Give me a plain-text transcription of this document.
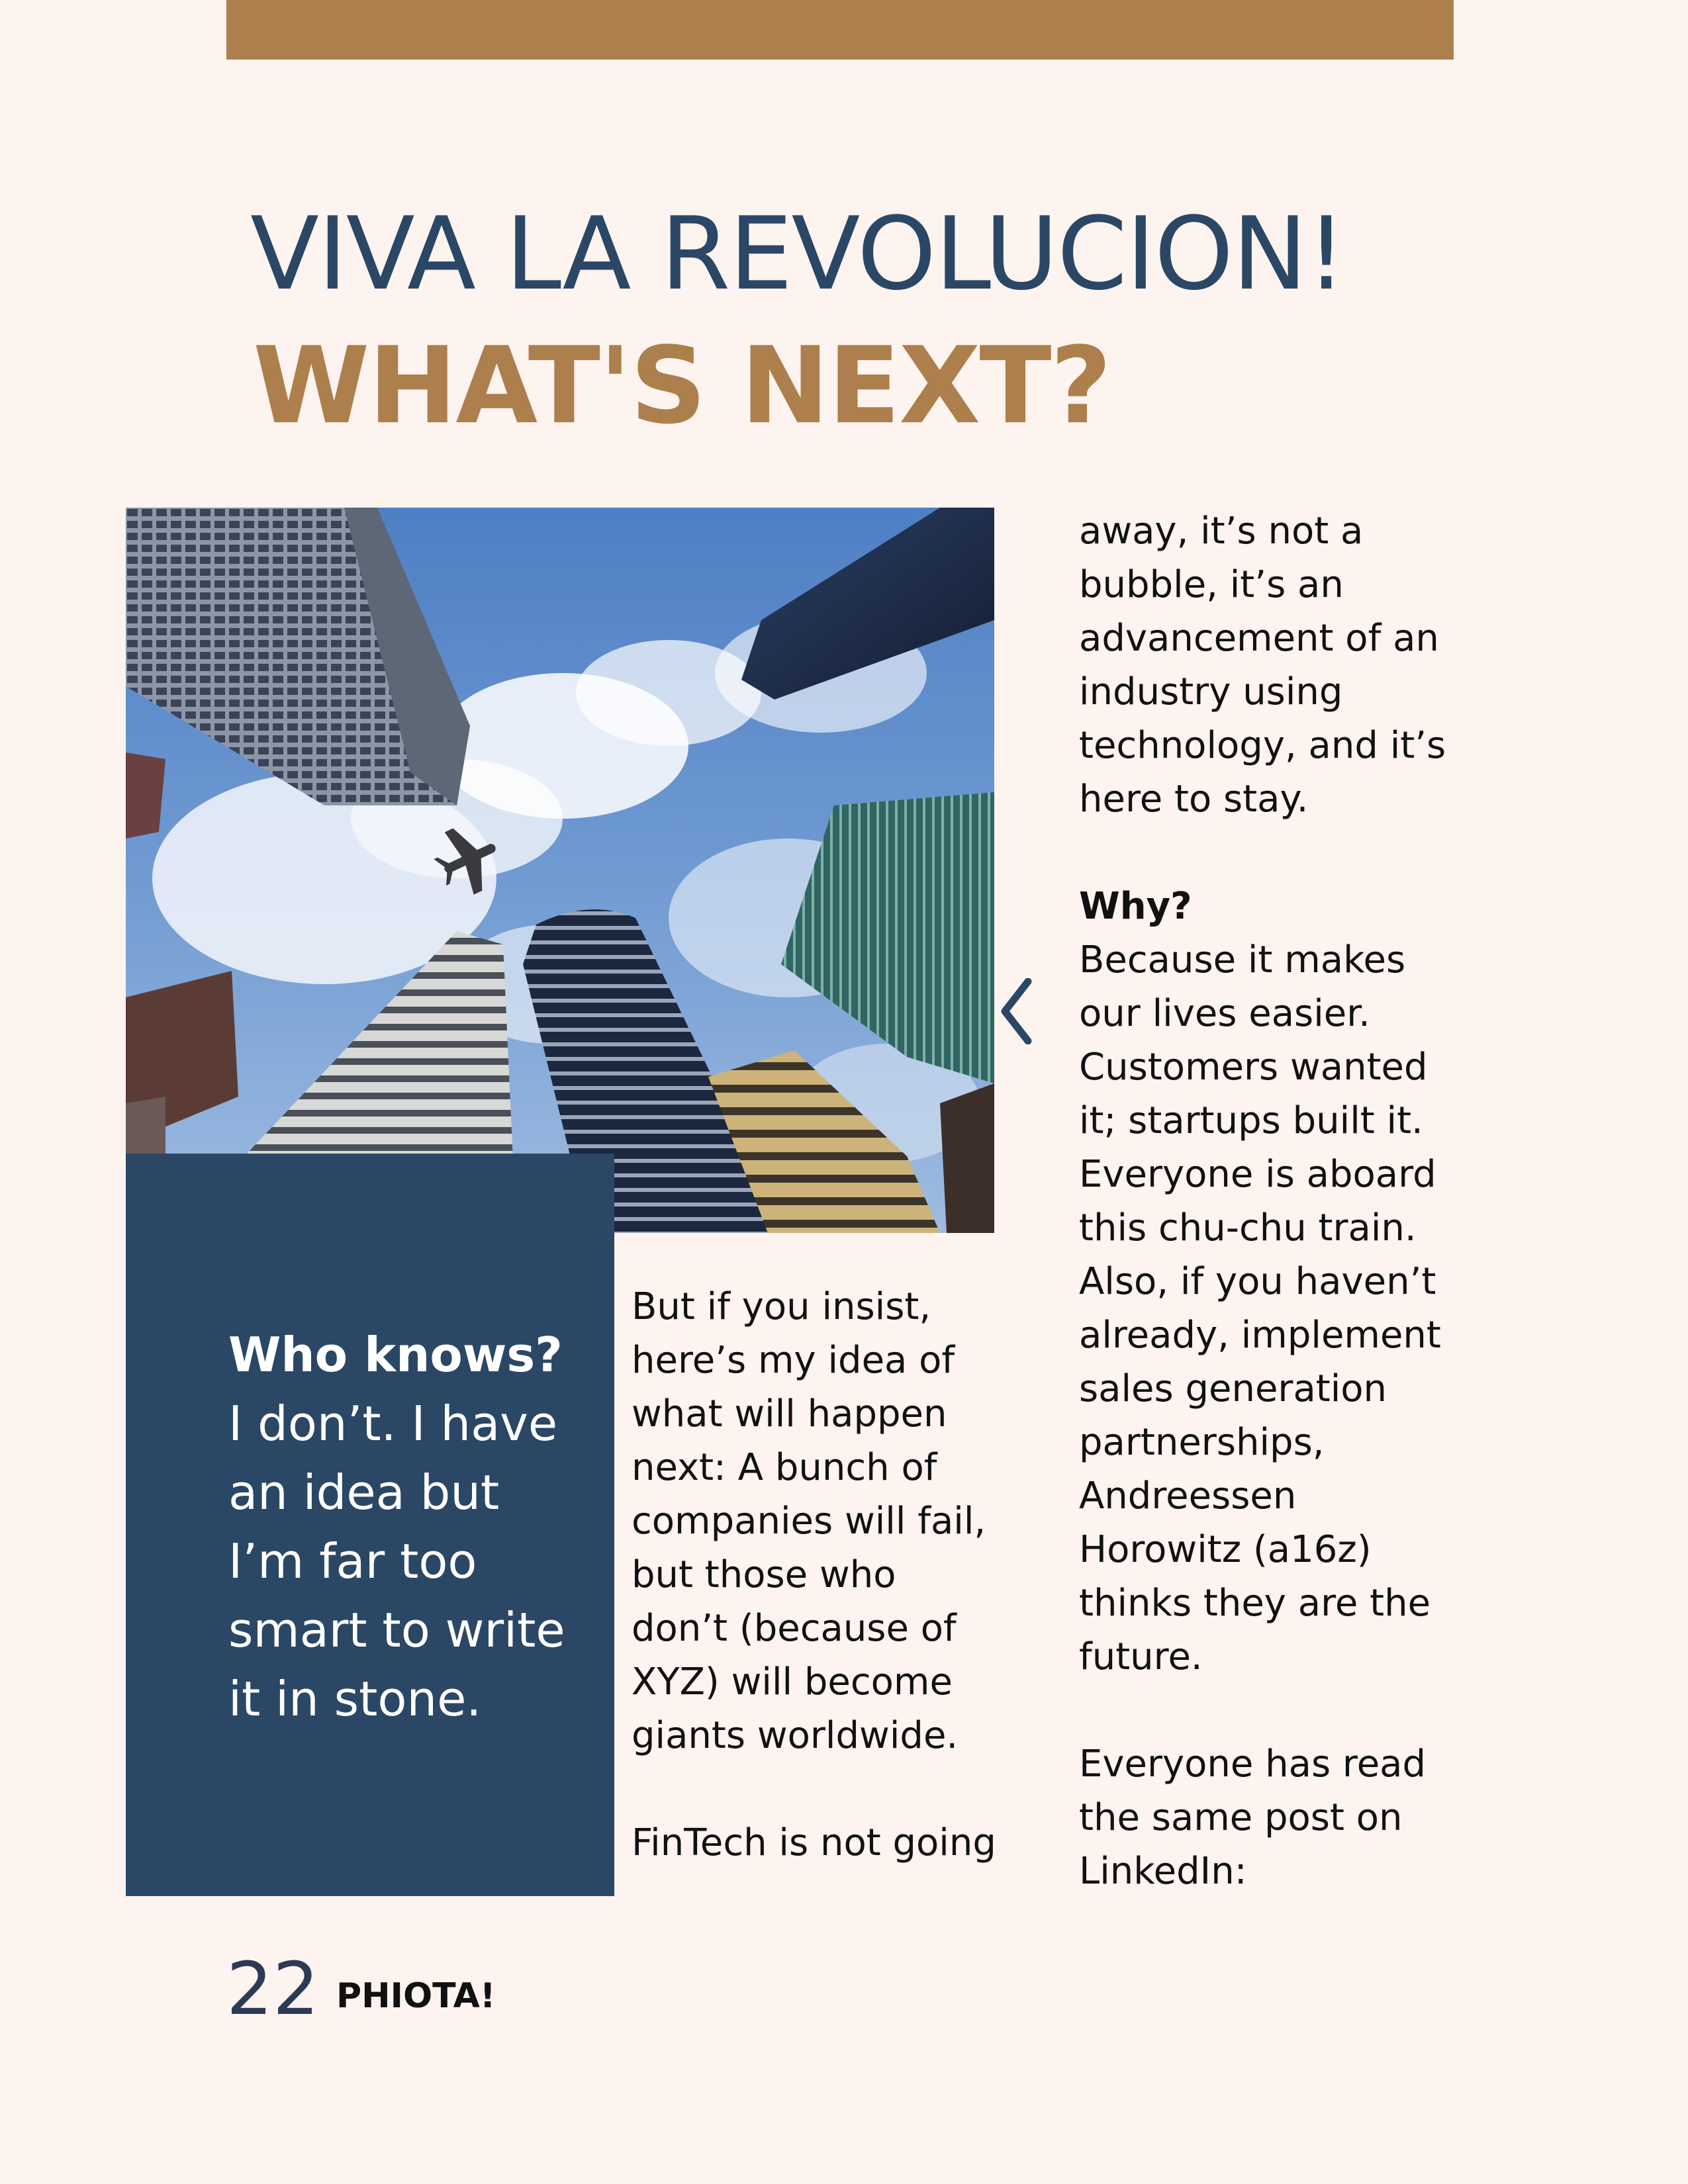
VIVA LA REVOLUCION!
WHAT'S NEXT?
Who knows?
I don’t. I have an idea but I’m far too smart to write it in stone.

But if you insist, here’s my idea of what will happen next: A bunch of companies will fail, but those who don’t (because of XYZ) will become giants worldwide.

FinTech is not going

away, it’s not a bubble, it’s an advancement of an industry using technology, and it’s here to stay.

Why?

Because it makes our lives easier. Customers wanted it; startups built it. Everyone is aboard this chu-chu train. Also, if you haven’t already, implement sales generation partnerships, Andreessen Horowitz (a16z) thinks they are the future.

Everyone has read the same post on LinkedIn:

22 PHIOTA!
